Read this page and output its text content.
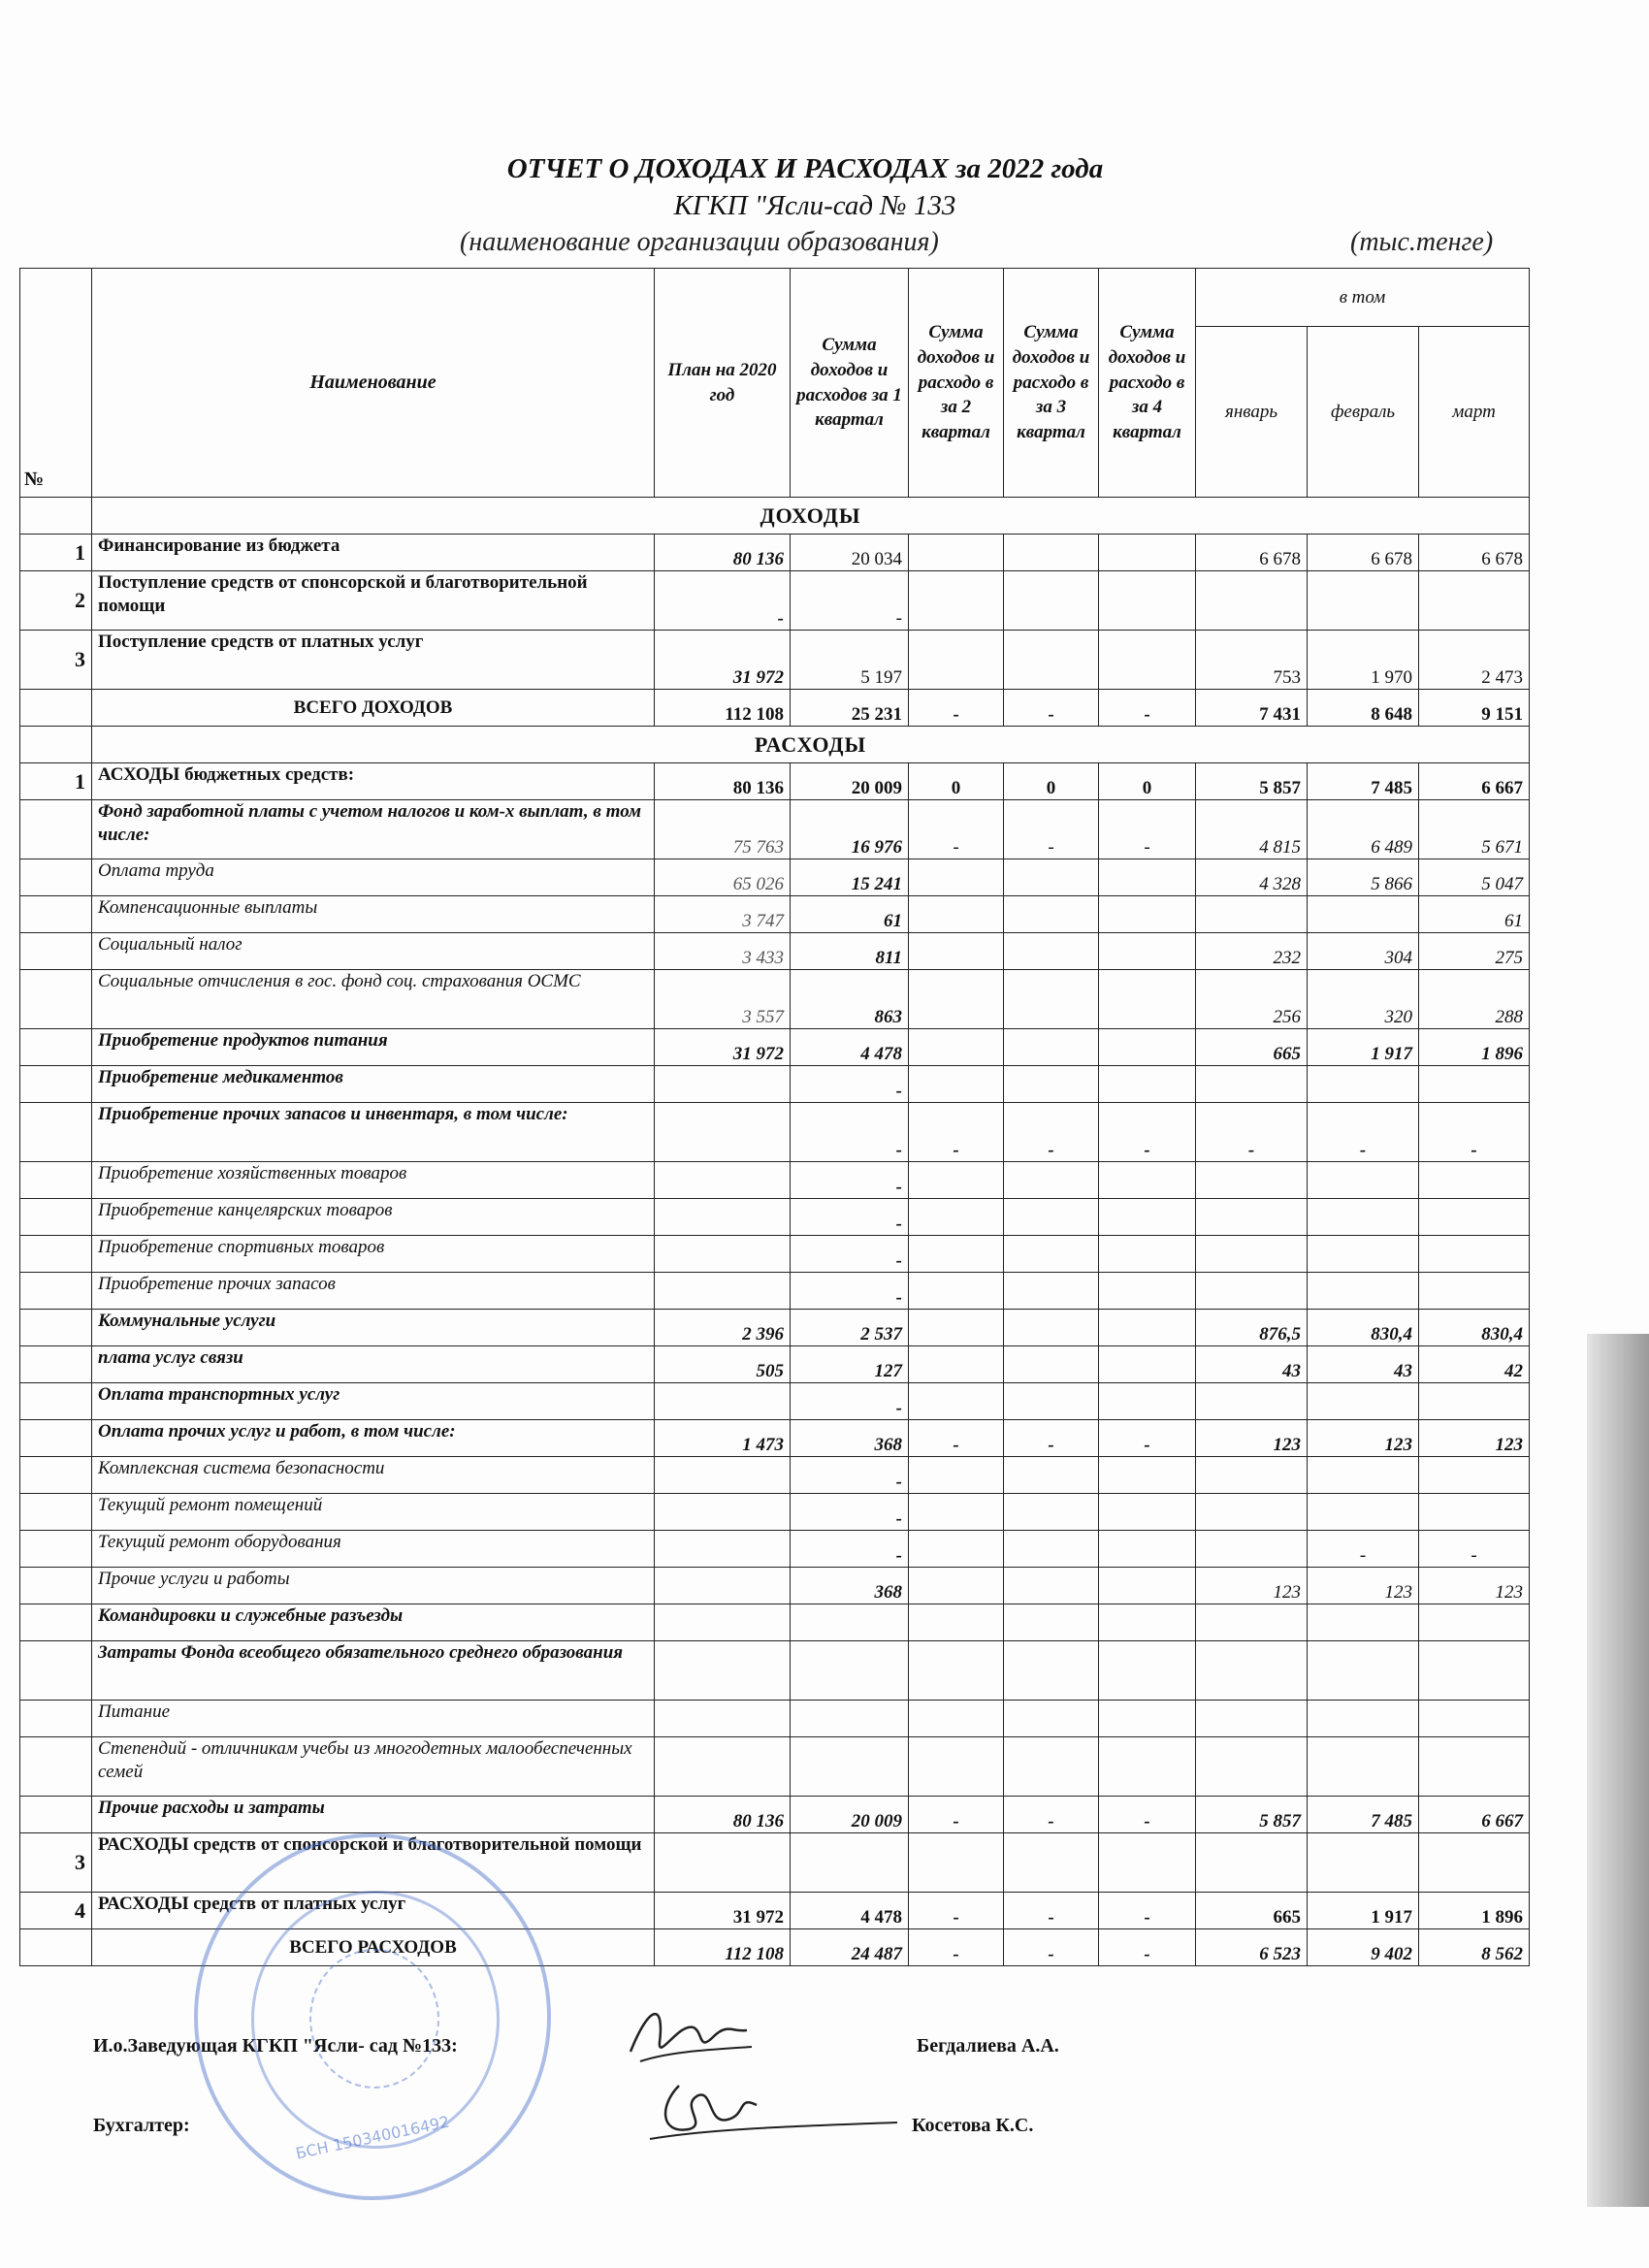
ОТЧЕТ О ДОХОДАХ И РАСХОДАХ за 2022 года
КГКП "Ясли-сад № 133
(наименование организации образования)	(тыс.тенге)
№	Наименование	План на 2020 год	Сумма доходов и расходов за 1 квартал	Сумма доходов и расходо в за 2 квартал	Сумма доходов и расходо в за 3 квартал	Сумма доходов и расходо в за 4 квартал	в том		
							январь	февраль	март
	ДОХОДЫ								
1	Финансирование из бюджета	80 136	20 034				6 678	6 678	6 678
2	Поступление средств от спонсорской и благотворительной помощи	-	-						
3	Поступление средств от платных услуг	31 972	5 197				753	1 970	2 473
	ВСЕГО ДОХОДОВ	112 108	25 231	-	-	-	7 431	8 648	9 151
	РАСХОДЫ								
1	АСХОДЫ бюджетных средств:	80 136	20 009	0	0	0	5 857	7 485	6 667
	Фонд заработной платы с учетом налогов и ком-х выплат, в том числе:	75 763	16 976	-	-	-	4 815	6 489	5 671
	Оплата труда	65 026	15 241				4 328	5 866	5 047
	Компенсационные выплаты	3 747	61						61
	Социальный налог	3 433	811				232	304	275
	Социальные отчисления в гос. фонд соц. страхования ОСМС	3 557	863				256	320	288
	Приобретение продуктов питания	31 972	4 478				665	1 917	1 896
	Приобретение медикаментов		-						
	Приобретение прочих запасов и инвентаря, в том числе:		-	-	-	-	-	-	-
	Приобретение хозяйственных товаров		-						
	Приобретение канцелярских товаров		-						
	Приобретение спортивных товаров		-						
	Приобретение прочих запасов		-						
	Коммунальные услуги	2 396	2 537				876,5	830,4	830,4
	плата услуг связи	505	127				43	43	42
	Оплата транспортных услуг		-						
	Оплата прочих услуг и работ, в том числе:	1 473	368	-	-	-	123	123	123
	Комплексная система безопасности		-						
	Текущий ремонт помещений		-						
	Текущий ремонт оборудования		-					-	-
	Прочие услуги и работы		368				123	123	123
	Командировки и служебные разъезды								
	Затраты Фонда всеобщего обязательного среднего образования								
	Питание								
	Степендий - отличникам учебы из многодетных малообеспеченных семей								
	Прочие расходы и затраты	80 136	20 009	-	-	-	5 857	7 485	6 667
3	РАСХОДЫ средств от спонсорской и благотворительной помощи								
4	РАСХОДЫ средств от платных услуг	31 972	4 478	-	-	-	665	1 917	1 896
	ВСЕГО РАСХОДОВ	112 108	24 487	-	-	-	6 523	9 402	8 562
И.о.Заведующая КГКП "Ясли- сад №133:	Бегдалиева А.А.
Бухгалтер:	Косетова К.С.
БСН 150340016492
